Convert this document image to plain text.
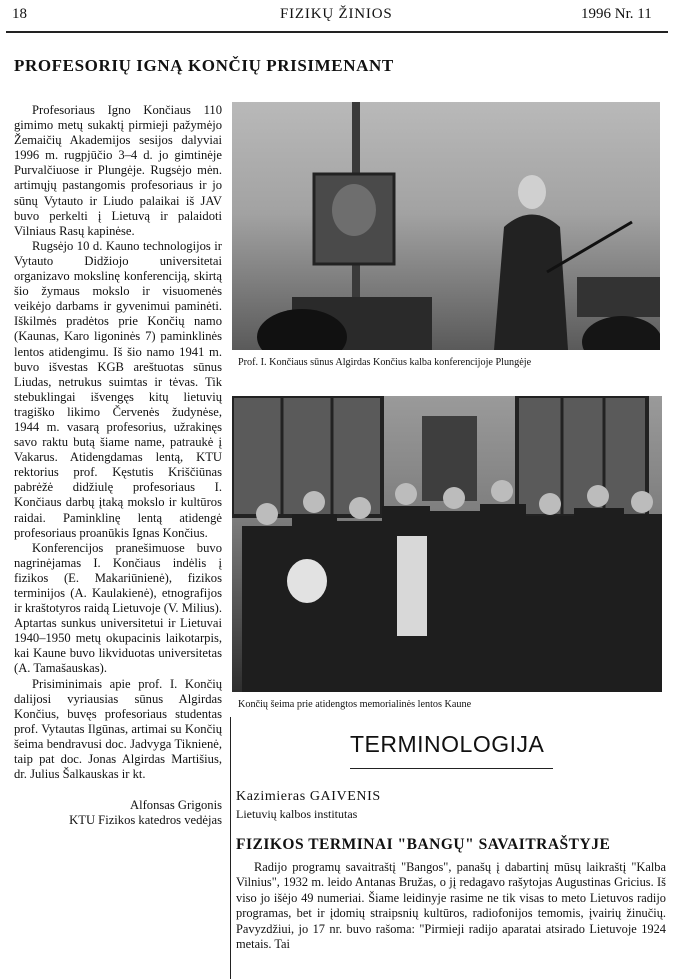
18	FIZIKŲ ŽINIOS	1996 Nr. 11
PROFESORIŲ IGNĄ KONČIŲ PRISIMENANT

Profesoriaus Igno Končiaus 110 gimimo metų sukaktį pirmieji pažymėjo Žemaičių Akademijos sesijos dalyviai 1996 m. rugpjūčio 3–4 d. jo gimtinėje Purvalčiuose ir Plungėje. Rugsėjo mėn. artimųjų pastangomis profesoriaus ir jo sūnų Vytauto ir Liudo palaikai iš JAV buvo perkelti į Lietuvą ir palaidoti Vilniaus Rasų kapinėse.

Rugsėjo 10 d. Kauno technologijos ir Vytauto Didžiojo universitetai organizavo mokslinę konferenciją, skirtą šio žymaus mokslo ir visuomenės veikėjo darbams ir gyvenimui paminėti. Iškilmės pradėtos prie Končių namo (Kaunas, Karo ligoninės 7) paminklinės lentos atidengimu. Iš šio namo 1941 m. buvo išvestas KGB areštuotas sūnus Liudas, netrukus suimtas ir tėvas. Tik stebuklingai išvengęs kitų lietuvių tragiško likimo Červenės žudynėse, 1944 m. vasarą profesorius, užrakinęs savo raktu butą šiame name, patraukė į Vakarus. Atidengdamas lentą, KTU rektorius prof. Kęstutis Kriščiūnas pabrėžė didžiulę profesoriaus I. Končiaus darbų įtaką mokslo ir kultūros raidai. Paminklinę lentą atidengė profesoriaus proanūkis Ignas Končius.

Konferencijos pranešimuose buvo nagrinėjamas I. Končiaus indėlis į fizikos (E. Makariūnienė), fizikos terminijos (A. Kaulakienė), etnografijos ir kraštotyros raidą Lietuvoje (V. Milius). Aptartas sunkus universitetui ir Lietuvai 1940–1950 metų okupacinis laikotarpis, kai Kaune buvo likviduotas universitetas (A. Tamašauskas).

Prisiminimais apie prof. I. Končių dalijosi vyriausias sūnus Algirdas Končius, buvęs profesoriaus studentas prof. Vytautas Ilgūnas, artimai su Končių šeima bendravusi doc. Jadvyga Tiknienė, taip pat doc. Jonas Algirdas Martišius, dr. Julius Šalkauskas ir kt.

Alfonsas Grigonis

KTU Fizikos katedros vedėjas

Prof. I. Končiaus sūnus Algirdas Končius kalba konferencijoje Plungėje
Končių šeima prie atidengtos memorialinės lentos Kaune
TERMINOLOGIJA
Kazimieras GAIVENIS
Lietuvių kalbos institutas
FIZIKOS TERMINAI "BANGŲ" SAVAITRAŠTYJE

Radijo programų savaitraštį "Bangos", panašų į dabartinį mūsų laikraštį "Kalba Vilnius", 1932 m. leido Antanas Bružas, o jį redagavo rašytojas Augustinas Gricius. Iš viso jo išėjo 49 numeriai. Šiame leidinyje rasime ne tik visas to meto Lietuvos radijo programas, bet ir įdomių straipsnių kultūros, radiofonijos temomis, įvairių žinučių. Pavyzdžiui, jo 17 nr. buvo rašoma: "Pirmieji radijo aparatai atsirado Lietuvoje 1924 metais. Tai
